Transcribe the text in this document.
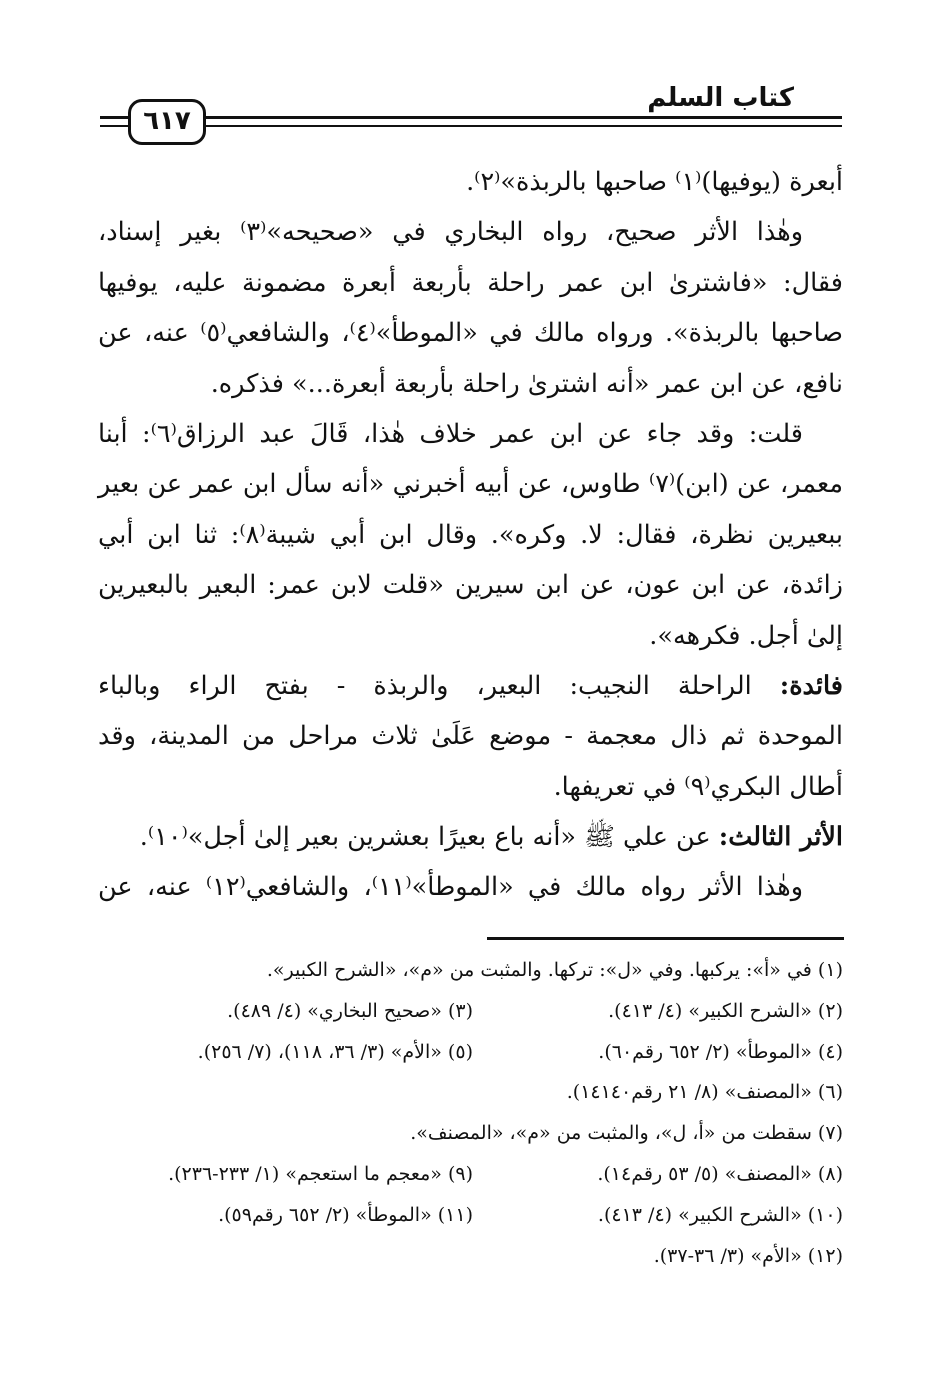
كتاب السلم
٦١٧
أبعرة (يوفيها)⁽١⁾ صاحبها بالربذة»⁽٢⁾.
وهٰذا الأثر صحيح، رواه البخاري في «صحيحه»⁽٣⁾ بغير إسناد،
فقال: «فاشترىٰ ابن عمر راحلة بأربعة أبعرة مضمونة عليه، يوفيها
صاحبها بالربذة». ورواه مالك في «الموطأ»⁽٤⁾، والشافعي⁽٥⁾ عنه، عن
نافع، عن ابن عمر «أنه اشترىٰ راحلة بأربعة أبعرة...» فذكره.
قلت: وقد جاء عن ابن عمر خلاف هٰذا، قَالَ عبد الرزاق⁽٦⁾: أبنا
معمر، عن (ابن)⁽٧⁾ طاوس، عن أبيه أخبرني «أنه سأل ابن عمر عن بعير
ببعيرين نظرة، فقال: لا. وكره». وقال ابن أبي شيبة⁽٨⁾: ثنا ابن أبي
زائدة، عن ابن عون، عن ابن سيرين «قلت لابن عمر: البعير بالبعيرين
إلىٰ أجل. فكرهه».
فائدة: الراحلة النجيب: البعير، والربذة - بفتح الراء وبالباء
الموحدة ثم ذال معجمة - موضع عَلَىٰ ثلاث مراحل من المدينة، وقد
أطال البكري⁽٩⁾ في تعريفها.
الأثر الثالث: عن علي ﷺ «أنه باع بعيرًا بعشرين بعير إلىٰ أجل»⁽١٠⁾.
وهٰذا الأثر رواه مالك في «الموطأ»⁽١١⁾، والشافعي⁽١٢⁾ عنه، عن
(١) في «أ»: يركبها. وفي «ل»: تركها. والمثبت من «م»، «الشرح الكبير».
(٢) «الشرح الكبير» (٤/ ٤١٣).
(٣) «صحيح البخاري» (٤/ ٤٨٩).
(٤) «الموطأ» (٢/ ٦٥٢ رقم٦٠).
(٥) «الأم» (٣/ ٣٦، ١١٨)، (٧/ ٢٥٦).
(٦) «المصنف» (٨/ ٢١ رقم١٤١٤٠).
(٧) سقطت من «أ، ل»، والمثبت من «م»، «المصنف».
(٨) «المصنف» (٥/ ٥٣ رقم١٤).
(٩) «معجم ما استعجم» (١/ ٢٣٣-٢٣٦).
(١٠) «الشرح الكبير» (٤/ ٤١٣).
(١١) «الموطأ» (٢/ ٦٥٢ رقم٥٩).
(١٢) «الأم» (٣/ ٣٦-٣٧).
